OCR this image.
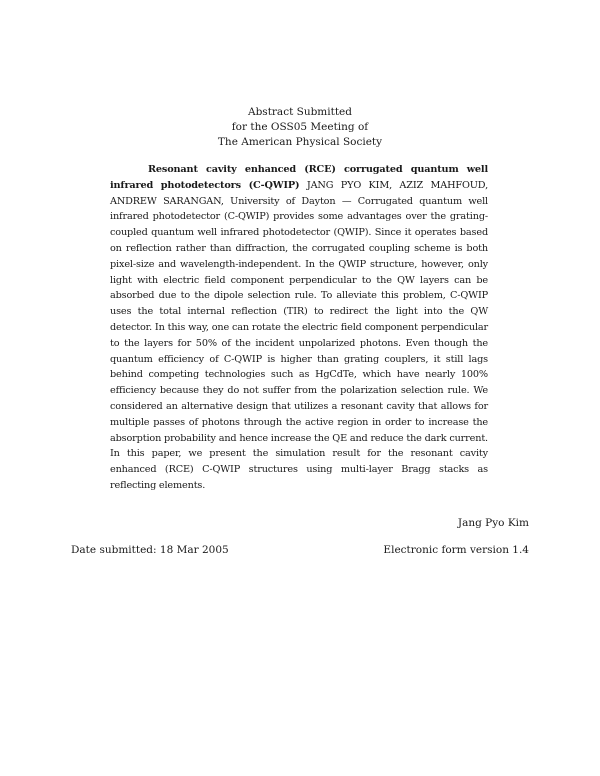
Abstract Submitted
for the OSS05 Meeting of
The American Physical Society

Resonant cavity enhanced (RCE) corrugated quantum well infrared photodetectors (C-QWIP) JANG PYO KIM, AZIZ MAHFOUD, ANDREW SARANGAN, University of Dayton — Corrugated quantum well infrared photodetector (C-QWIP) provides some advantages over the grating-coupled quantum well infrared photodetector (QWIP). Since it operates based on reflection rather than diffraction, the corrugated coupling scheme is both pixel-size and wavelength-independent. In the QWIP structure, however, only light with electric field component perpendicular to the QW layers can be absorbed due to the dipole selection rule. To alleviate this problem, C-QWIP uses the total internal reflection (TIR) to redirect the light into the QW detector. In this way, one can rotate the electric field component perpendicular to the layers for 50% of the incident unpolarized photons. Even though the quantum efficiency of C-QWIP is higher than grating couplers, it still lags behind competing technologies such as HgCdTe, which have nearly 100% efficiency because they do not suffer from the polarization selection rule. We considered an alternative design that utilizes a resonant cavity that allows for multiple passes of photons through the active region in order to increase the absorption probability and hence increase the QE and reduce the dark current. In this paper, we present the simulation result for the resonant cavity enhanced (RCE) C-QWIP structures using multi-layer Bragg stacks as reflecting elements.

Jang Pyo Kim
Date submitted: 18 Mar 2005	Electronic form version 1.4
